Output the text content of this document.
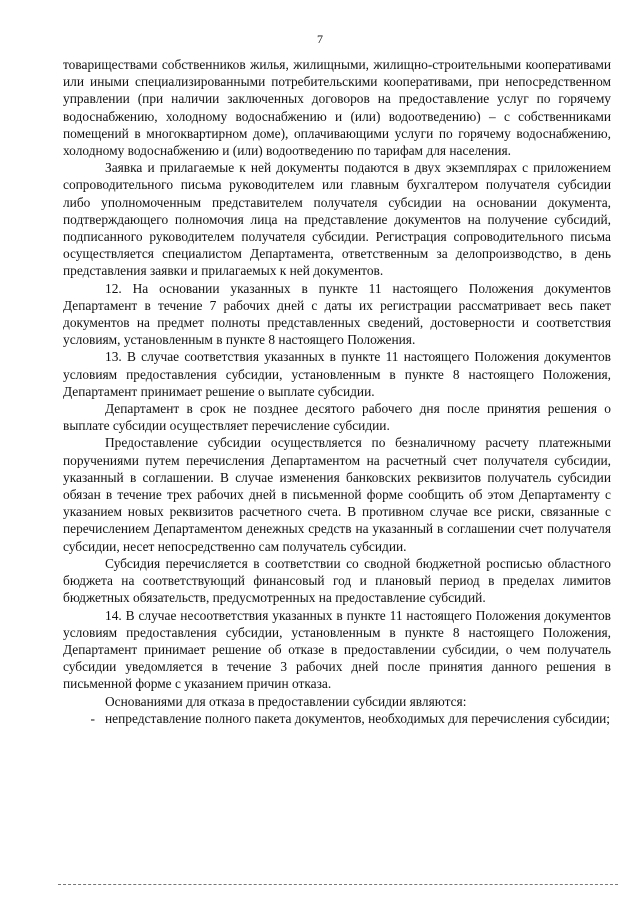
7

товариществами собственников жилья, жилищными, жилищно-строительными кооперативами или иными специализированными потребительскими кооперативами, при непосредственном управлении (при наличии заключенных договоров на предоставление услуг по горячему водоснабжению, холодному водоснабжению и (или) водоотведению) – с собственниками помещений в многоквартирном доме), оплачивающими услуги по горячему водоснабжению, холодному водоснабжению и (или) водоотведению по тарифам для населения.

Заявка и прилагаемые к ней документы подаются в двух экземплярах с приложением сопроводительного письма руководителем или главным бухгалтером получателя субсидии либо уполномоченным представителем получателя субсидии на основании документа, подтверждающего полномочия лица на представление документов на получение субсидий, подписанного руководителем получателя субсидии. Регистрация сопроводительного письма осуществляется специалистом Департамента, ответственным за делопроизводство, в день представления заявки и прилагаемых к ней документов.

12. На основании указанных в пункте 11 настоящего Положения документов Департамент в течение 7 рабочих дней с даты их регистрации рассматривает весь пакет документов на предмет полноты представленных сведений, достоверности и соответствия условиям, установленным в пункте 8 настоящего Положения.

13. В случае соответствия указанных в пункте 11 настоящего Положения документов условиям предоставления субсидии, установленным в пункте 8 настоящего Положения, Департамент принимает решение о выплате субсидии.

Департамент в срок не позднее десятого рабочего дня после принятия решения о выплате субсидии осуществляет перечисление субсидии.

Предоставление субсидии осуществляется по безналичному расчету платежными поручениями путем перечисления Департаментом на расчетный счет получателя субсидии, указанный в соглашении. В случае изменения банковских реквизитов получатель субсидии обязан в течение трех рабочих дней в письменной форме сообщить об этом Департаменту с указанием новых реквизитов расчетного счета. В противном случае все риски, связанные с перечислением Департаментом денежных средств на указанный в соглашении счет получателя субсидии, несет непосредственно сам получатель субсидии.

Субсидия перечисляется в соответствии со сводной бюджетной росписью областного бюджета на соответствующий финансовый год и плановый период в пределах лимитов бюджетных обязательств, предусмотренных на предоставление субсидий.

14. В случае несоответствия указанных в пункте 11 настоящего Положения документов условиям предоставления субсидии, установленным в пункте 8 настоящего Положения, Департамент принимает решение об отказе в предоставлении субсидии, о чем получатель субсидии уведомляется в течение 3 рабочих дней после принятия данного решения в письменной форме с указанием причин отказа.

Основаниями для отказа в предоставлении субсидии являются:

- непредставление полного пакета документов, необходимых для перечисления субсидии;
